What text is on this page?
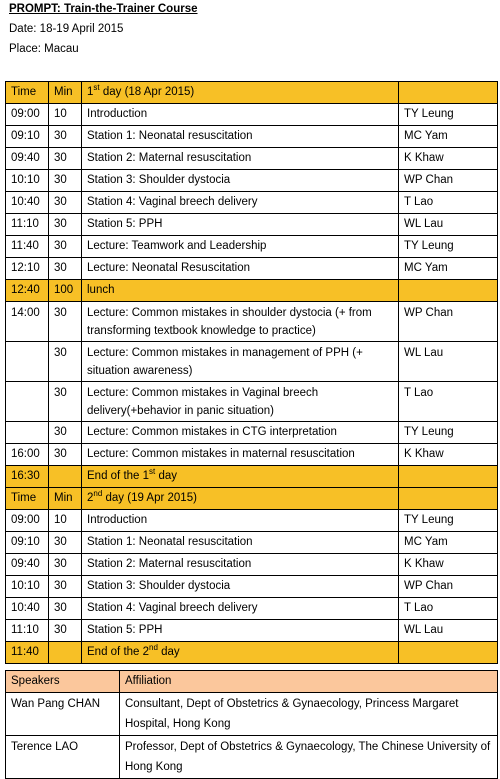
PROMPT: Train-the-Trainer Course
Date: 18-19 April 2015
Place: Macau
Time	Min	1st day (18 Apr 2015)	
09:00	10	Introduction	TY Leung
09:10	30	Station 1: Neonatal resuscitation	MC Yam
09:40	30	Station 2: Maternal resuscitation	K Khaw
10:10	30	Station 3: Shoulder dystocia	WP Chan
10:40	30	Station 4: Vaginal breech delivery	T Lao
11:10	30	Station 5: PPH	WL Lau
11:40	30	Lecture: Teamwork and Leadership	TY Leung
12:10	30	Lecture: Neonatal Resuscitation	MC Yam
12:40	100	lunch	
14:00	30	Lecture: Common mistakes in shoulder dystocia (+ from transforming textbook knowledge to practice)	WP Chan
	30	Lecture: Common mistakes in management of PPH (+ situation awareness)	WL Lau
	30	Lecture: Common mistakes in Vaginal breech delivery(+behavior in panic situation)	T Lao
	30	Lecture: Common mistakes in CTG interpretation	TY Leung
16:00	30	Lecture: Common mistakes in maternal resuscitation	K Khaw
16:30		End of the 1st day	
Time	Min	2nd day (19 Apr 2015)	
09:00	10	Introduction	TY Leung
09:10	30	Station 1: Neonatal resuscitation	MC Yam
09:40	30	Station 2: Maternal resuscitation	K Khaw
10:10	30	Station 3: Shoulder dystocia	WP Chan
10:40	30	Station 4: Vaginal breech delivery	T Lao
11:10	30	Station 5: PPH	WL Lau
11:40		End of the 2nd day	
Speakers	Affiliation
Wan Pang CHAN	Consultant, Dept of Obstetrics & Gynaecology, Princess Margaret Hospital, Hong Kong
Terence LAO	Professor, Dept of Obstetrics & Gynaecology, The Chinese University of Hong Kong
